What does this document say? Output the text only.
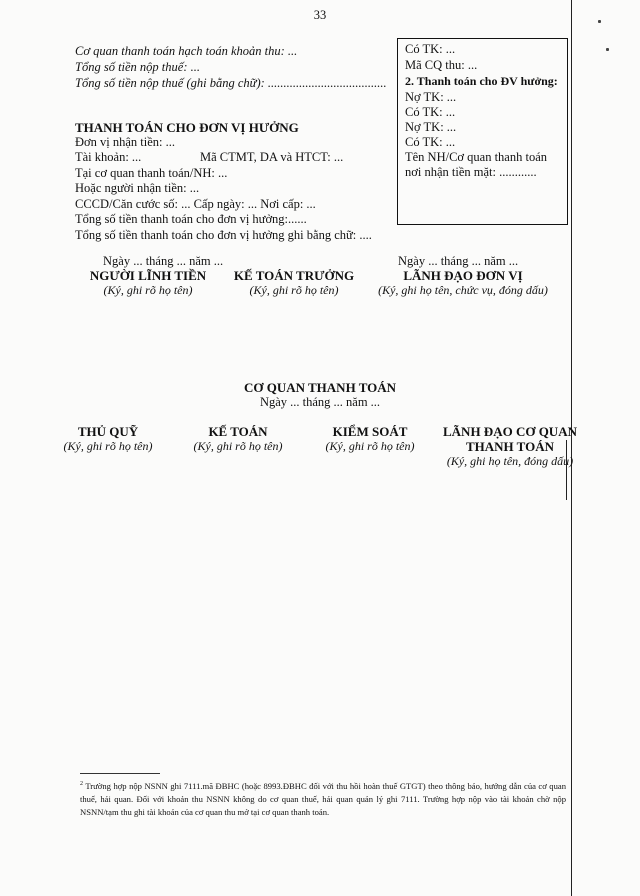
33
Cơ quan thanh toán hạch toán khoản thu: ...
Tổng số tiền nộp thuế: ...
Tổng số tiền nộp thuế (ghi bằng chữ): ......................................
Có TK: ...
Mã CQ thu: ...
2. Thanh toán cho ĐV hưởng:
Nợ TK: ...
Có TK: ...
Nợ TK: ...
Có TK: ...
Tên NH/Cơ quan thanh toán
nơi nhận tiền mặt: ............
THANH TOÁN CHO ĐƠN VỊ HƯỞNG
Đơn vị nhận tiền: ...
Tài khoản: ...	Mã CTMT, DA và HTCT: ...
Tại cơ quan thanh toán/NH: ...
Hoặc người nhận tiền: ...
CCCD/Căn cước số: ... Cấp ngày: ... Nơi cấp: ...
Tổng số tiền thanh toán cho đơn vị hưởng:......
Tổng số tiền thanh toán cho đơn vị hưởng ghi bằng chữ: ....
Ngày ... tháng ... năm ...	Ngày ... tháng ... năm ...
NGƯỜI LĨNH TIỀN
(Ký, ghi rõ họ tên)
KẾ TOÁN TRƯỞNG
(Ký, ghi rõ họ tên)
LÃNH ĐẠO ĐƠN VỊ
(Ký, ghi họ tên, chức vụ, đóng dấu)
CƠ QUAN THANH TOÁN
Ngày ... tháng ... năm ...
THỦ QUỸ
(Ký, ghi rõ họ tên)
KẾ TOÁN
(Ký, ghi rõ họ tên)
KIỂM SOÁT
(Ký, ghi rõ họ tên)
LÃNH ĐẠO CƠ QUAN
THANH TOÁN
(Ký, ghi họ tên, đóng dấu)
$^2$ Trường hợp nộp NSNN ghi 7111.mã ĐBHC (hoặc 8993.ĐBHC đối với thu hồi hoàn thuế GTGT) theo thông báo, hướng dẫn của cơ quan thuế, hải quan. Đối với khoản thu NSNN không do cơ quan thuế, hải quan quản lý ghi 7111. Trường hợp nộp vào tài khoản chờ nộp NSNN/tạm thu ghi tài khoản của cơ quan thu mở tại cơ quan thanh toán.
